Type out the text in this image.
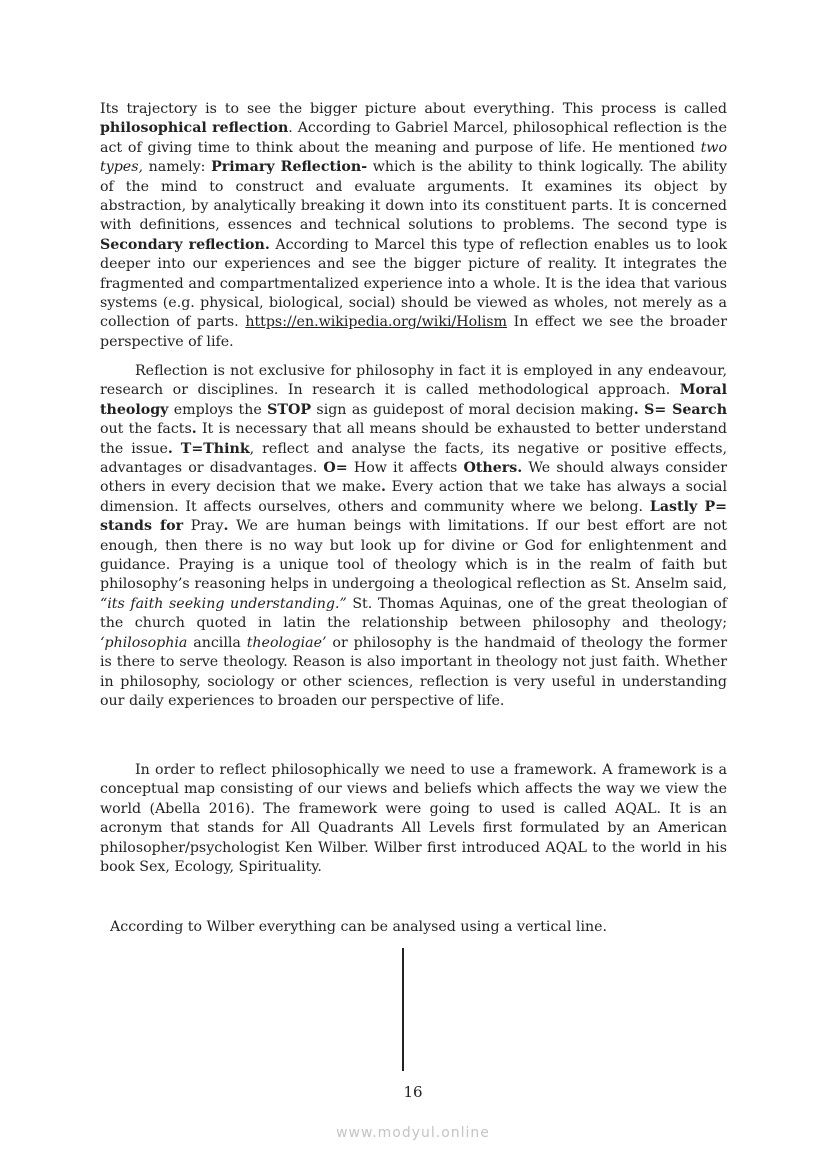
Its trajectory is to see the bigger picture about everything. This process is called philosophical reflection. According to Gabriel Marcel, philosophical reflection is the act of giving time to think about the meaning and purpose of life. He mentioned two types, namely: Primary Reflection- which is the ability to think logically. The ability of the mind to construct and evaluate arguments. It examines its object by abstraction, by analytically breaking it down into its constituent parts. It is concerned with definitions, essences and technical solutions to problems. The second type is Secondary reflection. According to Marcel this type of reflection enables us to look deeper into our experiences and see the bigger picture of reality. It integrates the fragmented and compartmentalized experience into a whole. It is the idea that various systems (e.g. physical, biological, social) should be viewed as wholes, not merely as a collection of parts. https://en.wikipedia.org/wiki/Holism In effect we see the broader perspective of life.

Reflection is not exclusive for philosophy in fact it is employed in any endeavour, research or disciplines. In research it is called methodological approach. Moral theology employs the STOP sign as guidepost of moral decision making. S= Search out the facts. It is necessary that all means should be exhausted to better understand the issue. T=Think, reflect and analyse the facts, its negative or positive effects, advantages or disadvantages. O= How it affects Others. We should always consider others in every decision that we make. Every action that we take has always a social dimension. It affects ourselves, others and community where we belong. Lastly P= stands for Pray. We are human beings with limitations. If our best effort are not enough, then there is no way but look up for divine or God for enlightenment and guidance. Praying is a unique tool of theology which is in the realm of faith but philosophy’s reasoning helps in undergoing a theological reflection as St. Anselm said, “its faith seeking understanding.” St. Thomas Aquinas, one of the great theologian of the church quoted in latin the relationship between philosophy and theology; ‘philosophia ancilla theologiae’ or philosophy is the handmaid of theology the former is there to serve theology. Reason is also important in theology not just faith. Whether in philosophy, sociology or other sciences, reflection is very useful in understanding our daily experiences to broaden our perspective of life.

In order to reflect philosophically we need to use a framework. A framework is a conceptual map consisting of our views and beliefs which affects the way we view the world (Abella 2016). The framework were going to used is called AQAL. It is an acronym that stands for All Quadrants All Levels first formulated by an American philosopher/psychologist Ken Wilber. Wilber first introduced AQAL to the world in his book Sex, Ecology, Spirituality.

According to Wilber everything can be analysed using a vertical line.

16
www.modyul.online
